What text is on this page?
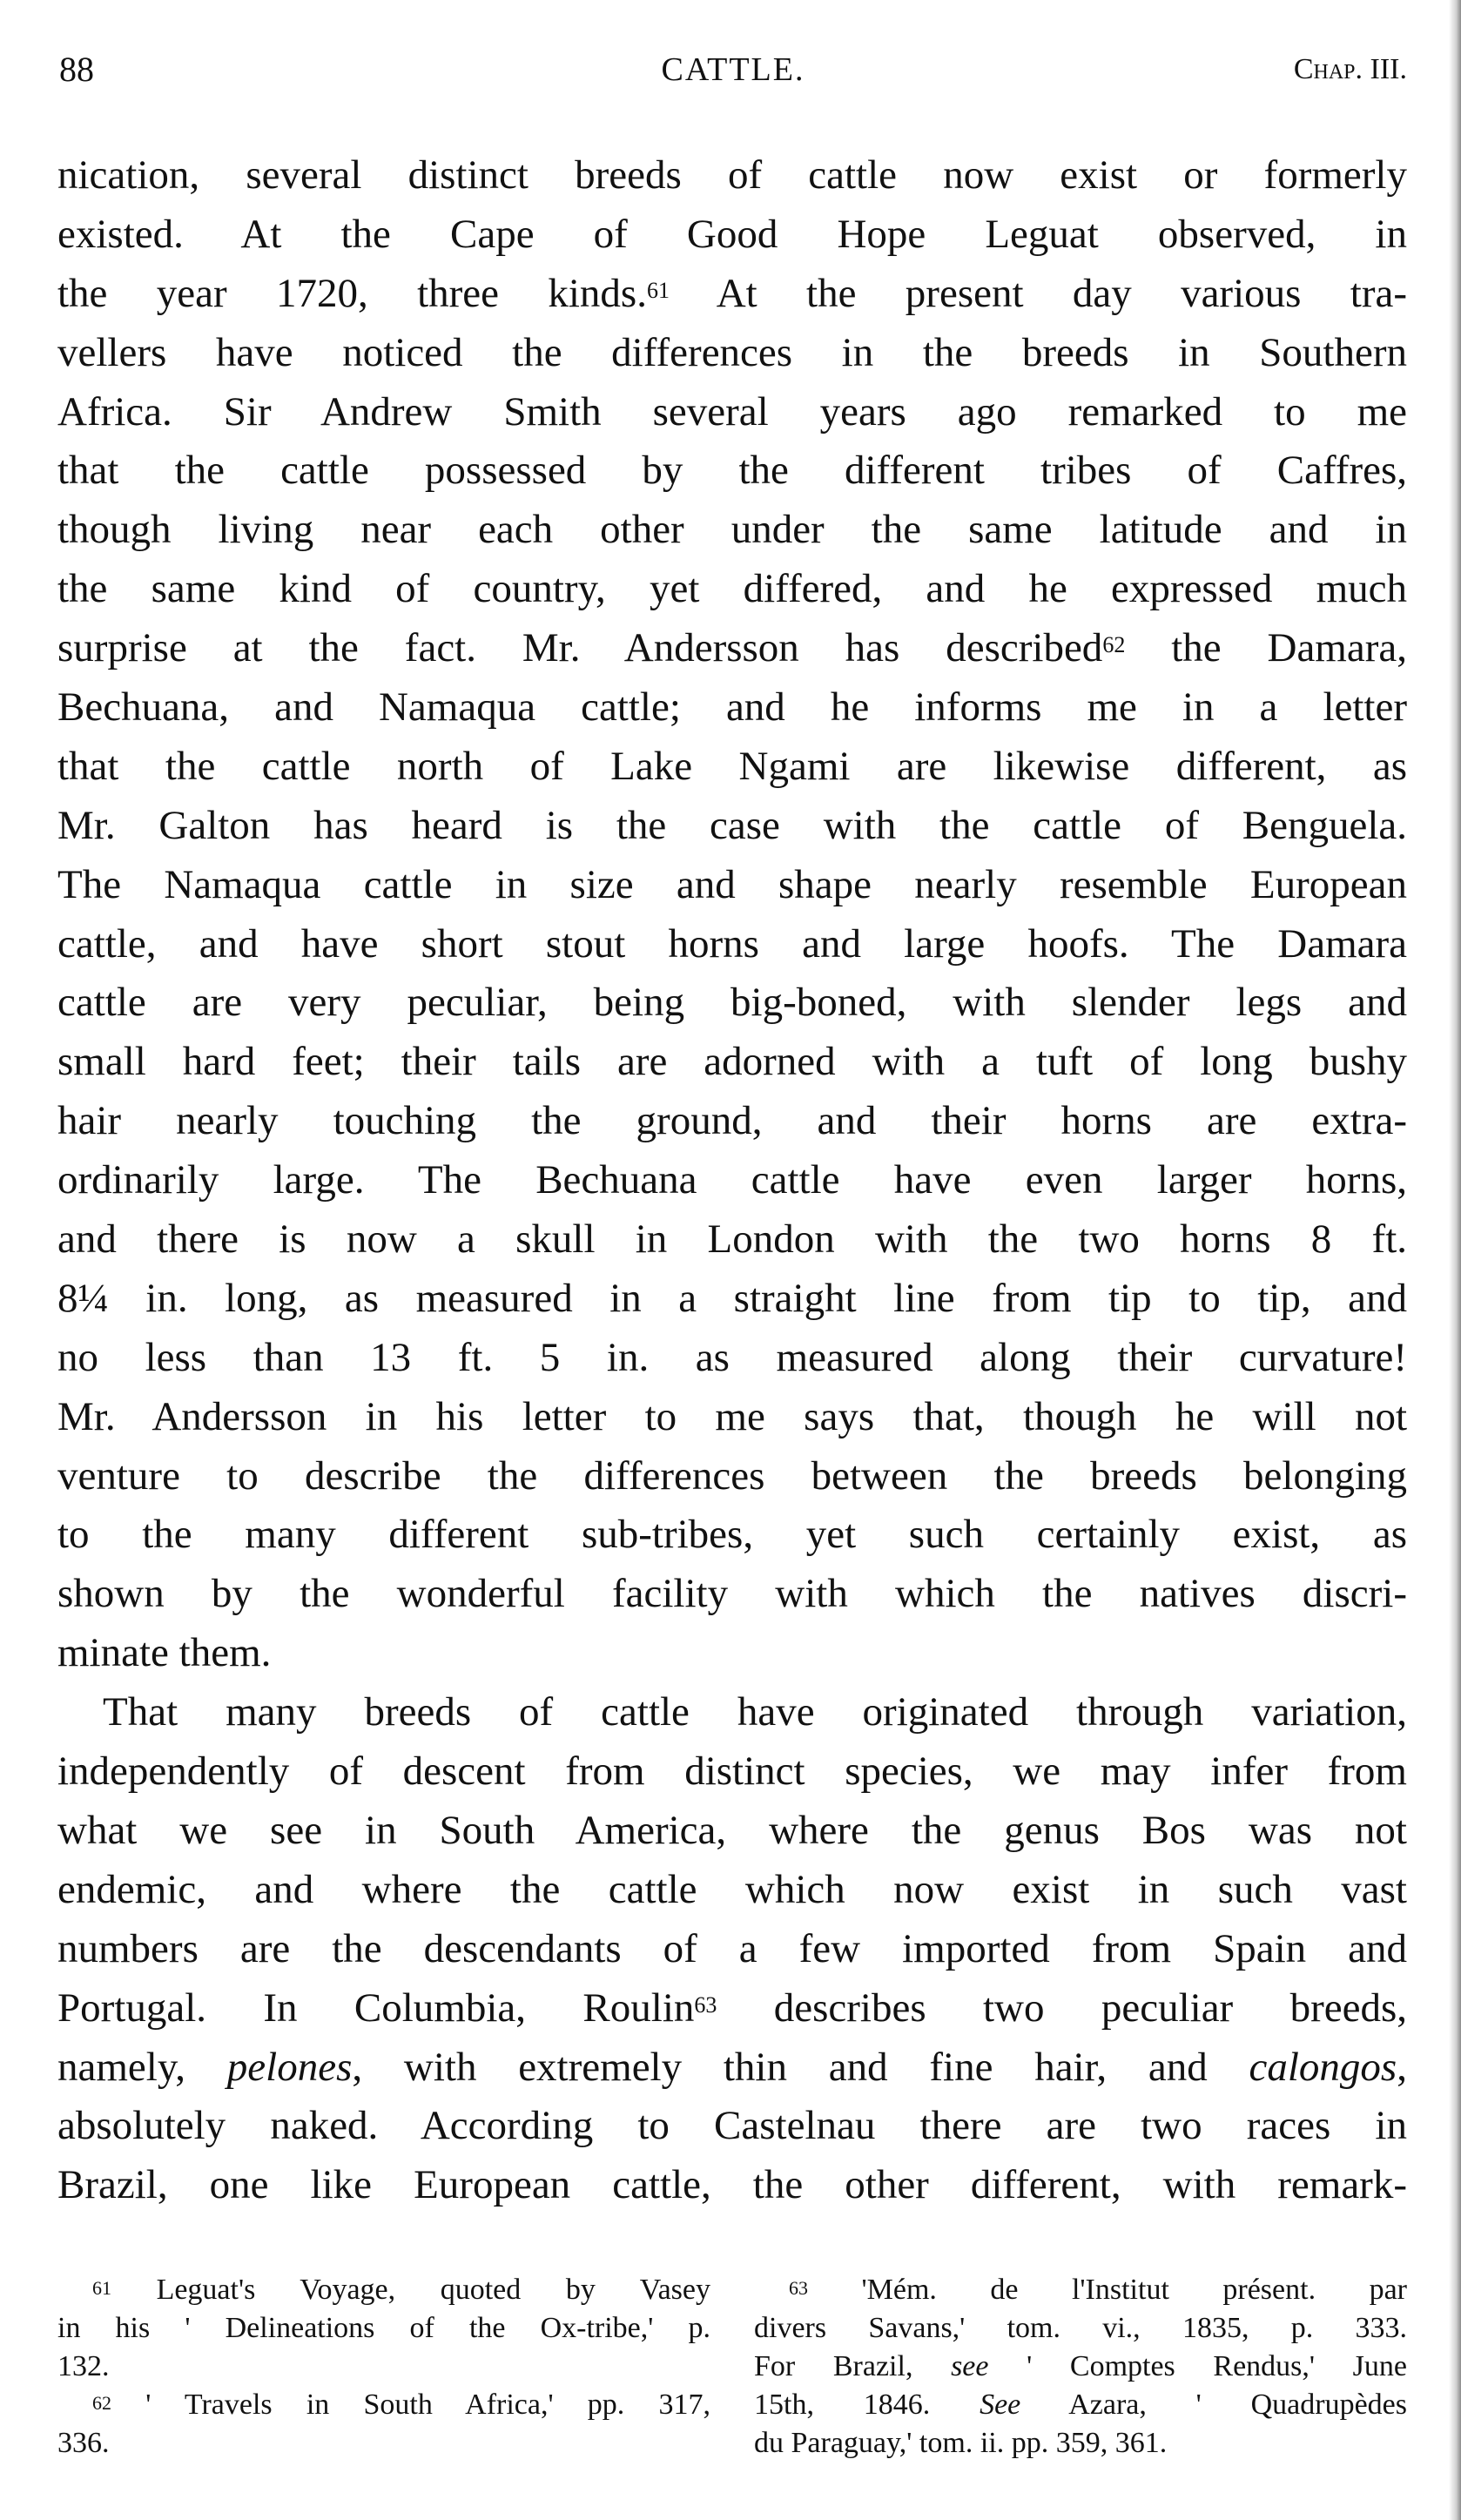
88	CATTLE.	Chap. III.
nication, several distinct breeds of cattle now exist or formerly
existed. At the Cape of Good Hope Leguat observed, in
the year 1720, three kinds.$^{61}$ At the present day various tra-
vellers have noticed the differences in the breeds in Southern
Africa. Sir Andrew Smith several years ago remarked to me
that the cattle possessed by the different tribes of Caffres,
though living near each other under the same latitude and in
the same kind of country, yet differed, and he expressed much
surprise at the fact. Mr. Andersson has described$^{62}$ the Damara,
Bechuana, and Namaqua cattle; and he informs me in a letter
that the cattle north of Lake Ngami are likewise different, as
Mr. Galton has heard is the case with the cattle of Benguela.
The Namaqua cattle in size and shape nearly resemble European
cattle, and have short stout horns and large hoofs. The Damara
cattle are very peculiar, being big-boned, with slender legs and
small hard feet; their tails are adorned with a tuft of long bushy
hair nearly touching the ground, and their horns are extra-
ordinarily large. The Bechuana cattle have even larger horns,
and there is now a skull in London with the two horns 8 ft.
8¼ in. long, as measured in a straight line from tip to tip, and
no less than 13 ft. 5 in. as measured along their curvature!
Mr. Andersson in his letter to me says that, though he will not
venture to describe the differences between the breeds belonging
to the many different sub-tribes, yet such certainly exist, as
shown by the wonderful facility with which the natives discri-
minate them.
That many breeds of cattle have originated through variation,
independently of descent from distinct species, we may infer from
what we see in South America, where the genus Bos was not
endemic, and where the cattle which now exist in such vast
numbers are the descendants of a few imported from Spain and
Portugal. In Columbia, Roulin$^{63}$ describes two peculiar breeds,
namely, pelones, with extremely thin and fine hair, and calongos,
absolutely naked. According to Castelnau there are two races in
Brazil, one like European cattle, the other different, with remark-
$^{61}$ Leguat's Voyage, quoted by Vasey
in his ' Delineations of the Ox-tribe,' p.
132.
$^{62}$ ' Travels in South Africa,' pp. 317,
336.
$^{63}$ 'Mém. de l'Institut présent. par
divers Savans,' tom. vi., 1835, p. 333.
For Brazil, see ' Comptes Rendus,' June
15th, 1846. See Azara, ' Quadrupèdes
du Paraguay,' tom. ii. pp. 359, 361.
